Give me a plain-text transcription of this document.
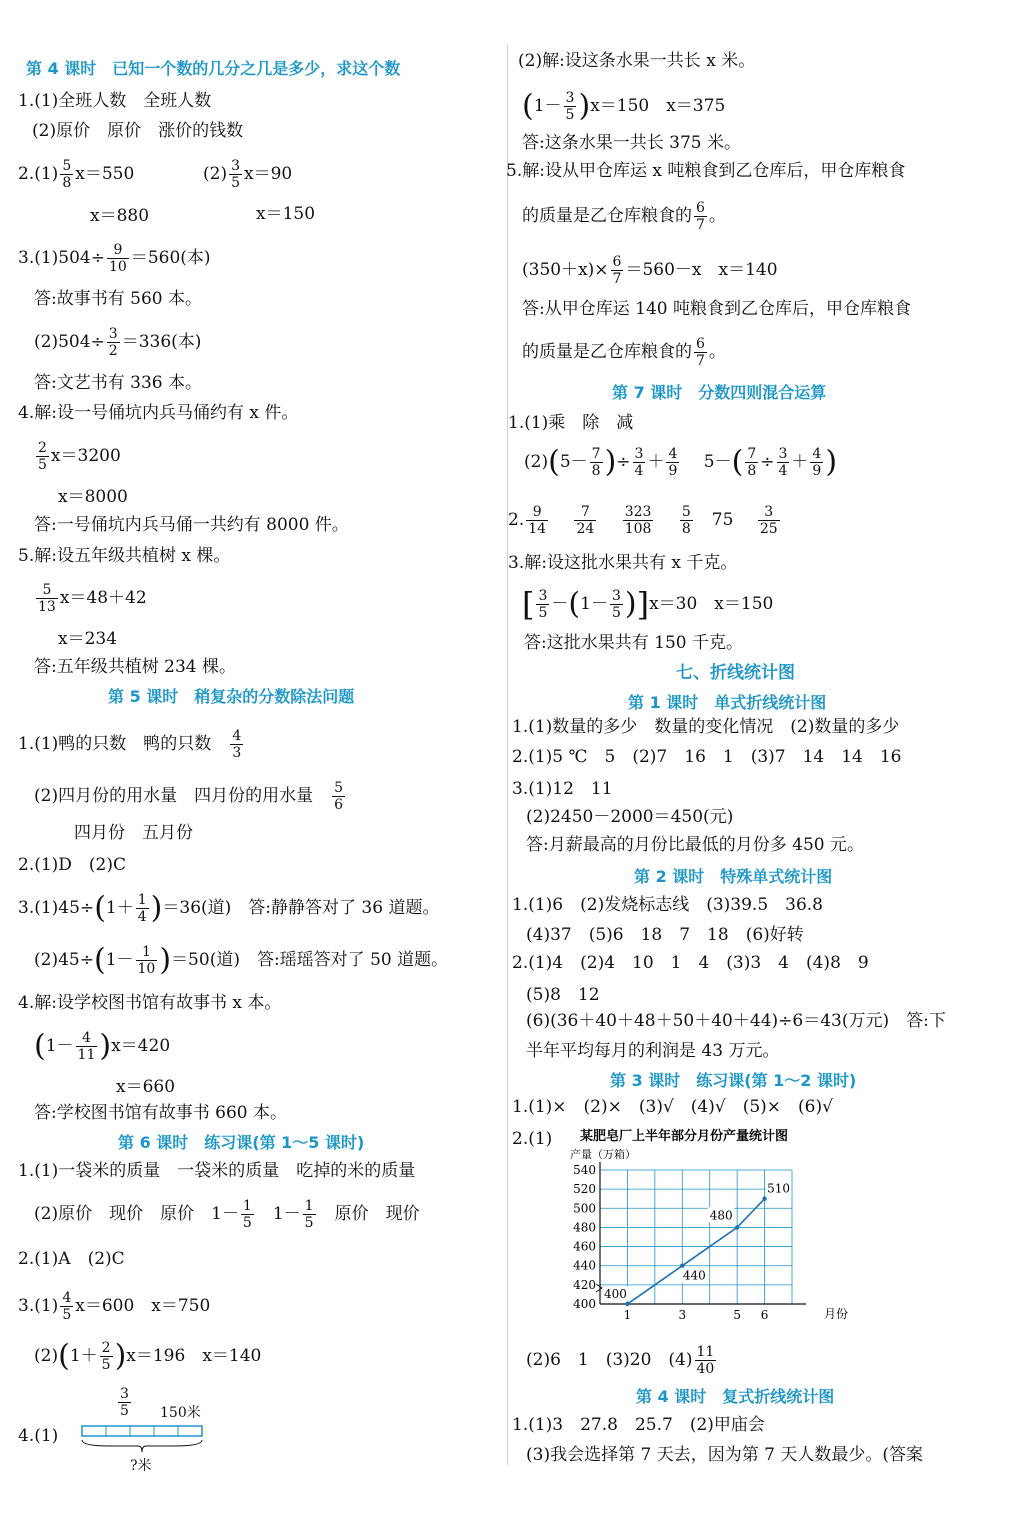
第 4 课时　已知一个数的几分之几是多少，求这个数
1.(1)全班人数　全班人数
(2)原价　原价　涨价的钱数
$2.(1) \frac{5}{8} x=550$	$(2) \frac{3}{5} x=90$
x＝880	x＝150
$3.(1)504\div \frac{9}{10} =560$(本)
答:故事书有 560 本。
$(2)504\div \frac{3}{2} =336$(本)
答:文艺书有 336 本。
4.解:设一号俑坑内兵马俑约有 x 件。
$\frac{2}{5} x=3200$
x＝8000
答:一号俑坑内兵马俑一共约有 8000 件。
5.解:设五年级共植树 x 棵。
$\frac{5}{13} x=48+42$
x＝234
答:五年级共植树 234 棵。
第 5 课时　稍复杂的分数除法问题
1.(1)鸭的只数　鸭的只数　 $\frac{4}{3}$
(2)四月份的用水量　四月份的用水量　 $\frac{5}{6}$
四月份　五月份
2.(1)D　(2)C
$3.(1)45\div(1+ \frac{1}{4} )=36$(道)　答:静静答对了 36 道题。
$(2)45\div(1- \frac{1}{10} )=50$(道)　答:瑶瑶答对了 50 道题。
4.解:设学校图书馆有故事书 x 本。
$(1- \frac{4}{11} )x=420$
x＝660
答:学校图书馆有故事书 660 本。
第 6 课时　练习课(第 1～5 课时)
1.(1)一袋米的质量　一袋米的质量　吃掉的米的质量
(2)原价　现价　原价　$1- \frac{1}{5}$
　 $1- \frac{1}{5}$
　 原价　现价
2.(1)A　(2)C
$3.(1) \frac{4}{5} x=600$　x＝750
$(2)(1+ \frac{2}{5} )x=196$　x＝140
4.(1)
$\frac{3}{5} 150$米
?米
(2)解:设这条水果一共长 x 米。
$(1- \frac{3}{5} )x=150$　x＝375
答:这条水果一共长 375 米。
5.解:设从甲仓库运 x 吨粮食到乙仓库后，甲仓库粮食
的质量是乙仓库粮食的 $\frac{6}{7}$ 。
$(350+x)\times \frac{6}{7} =560-x$　x＝140
答:从甲仓库运 140 吨粮食到乙仓库后，甲仓库粮食
的质量是乙仓库粮食的 $\frac{6}{7}$ 。
第 7 课时　分数四则混合运算
1.(1)乘　除　减
$(2)(5- \frac{7}{8}$ )÷ $\frac{3}{4} + \frac{4}{9}$
　 $5-( \frac{7}{8} \div \frac{3}{4} + \frac{4}{9}$ )
2. $\frac{9}{14}$
　 $\frac{7}{24}$
　 $\frac{323}{108}$
　 $\frac{5}{8}$
　 75　 $\frac{3}{25}$
3.解:设这批水果共有 x 千克。
[ $\frac{3}{5} -(1- \frac{3}{5} )]x=30$　x＝150
答:这批水果共有 150 千克。
七、折线统计图
第 1 课时　单式折线统计图
1.(1)数量的多少　数量的变化情况　(2)数量的多少
2.(1)5 ℃　5　(2)7　16　1　(3)7　14　14　16
3.(1)12　11
(2)2450－2000＝450(元)
答:月薪最高的月份比最低的月份多 450 元。
第 2 课时　特殊单式统计图
1.(1)6　(2)发烧标志线　(3)39.5　36.8
(4)37　(5)6　18　7　18　(6)好转
2.(1)4　(2)4　10　1　4　(3)3　4　(4)8　9
(5)8　12
(6)(36＋40＋48＋50＋40＋44)÷6＝43(万元)　答:下
半年平均每月的利润是 43 万元。
第 3 课时　练习课(第 1～2 课时)
1.(1)×　(2)×　(3)√　(4)√　(5)×　(6)√
2.(1) 某肥皂厂上半年部分月份产量统计图
产量（万箱）
月份
400
420
440
460
480
500
520
540
1	3	5 6
400
440
480
510
(2)6　1　(3)20　$(4) \frac{11}{40}$
第 4 课时　复式折线统计图
1.(1)3　27.8　25.7　(2)甲庙会
(3)我会选择第 7 天去，因为第 7 天人数最少。(答案
